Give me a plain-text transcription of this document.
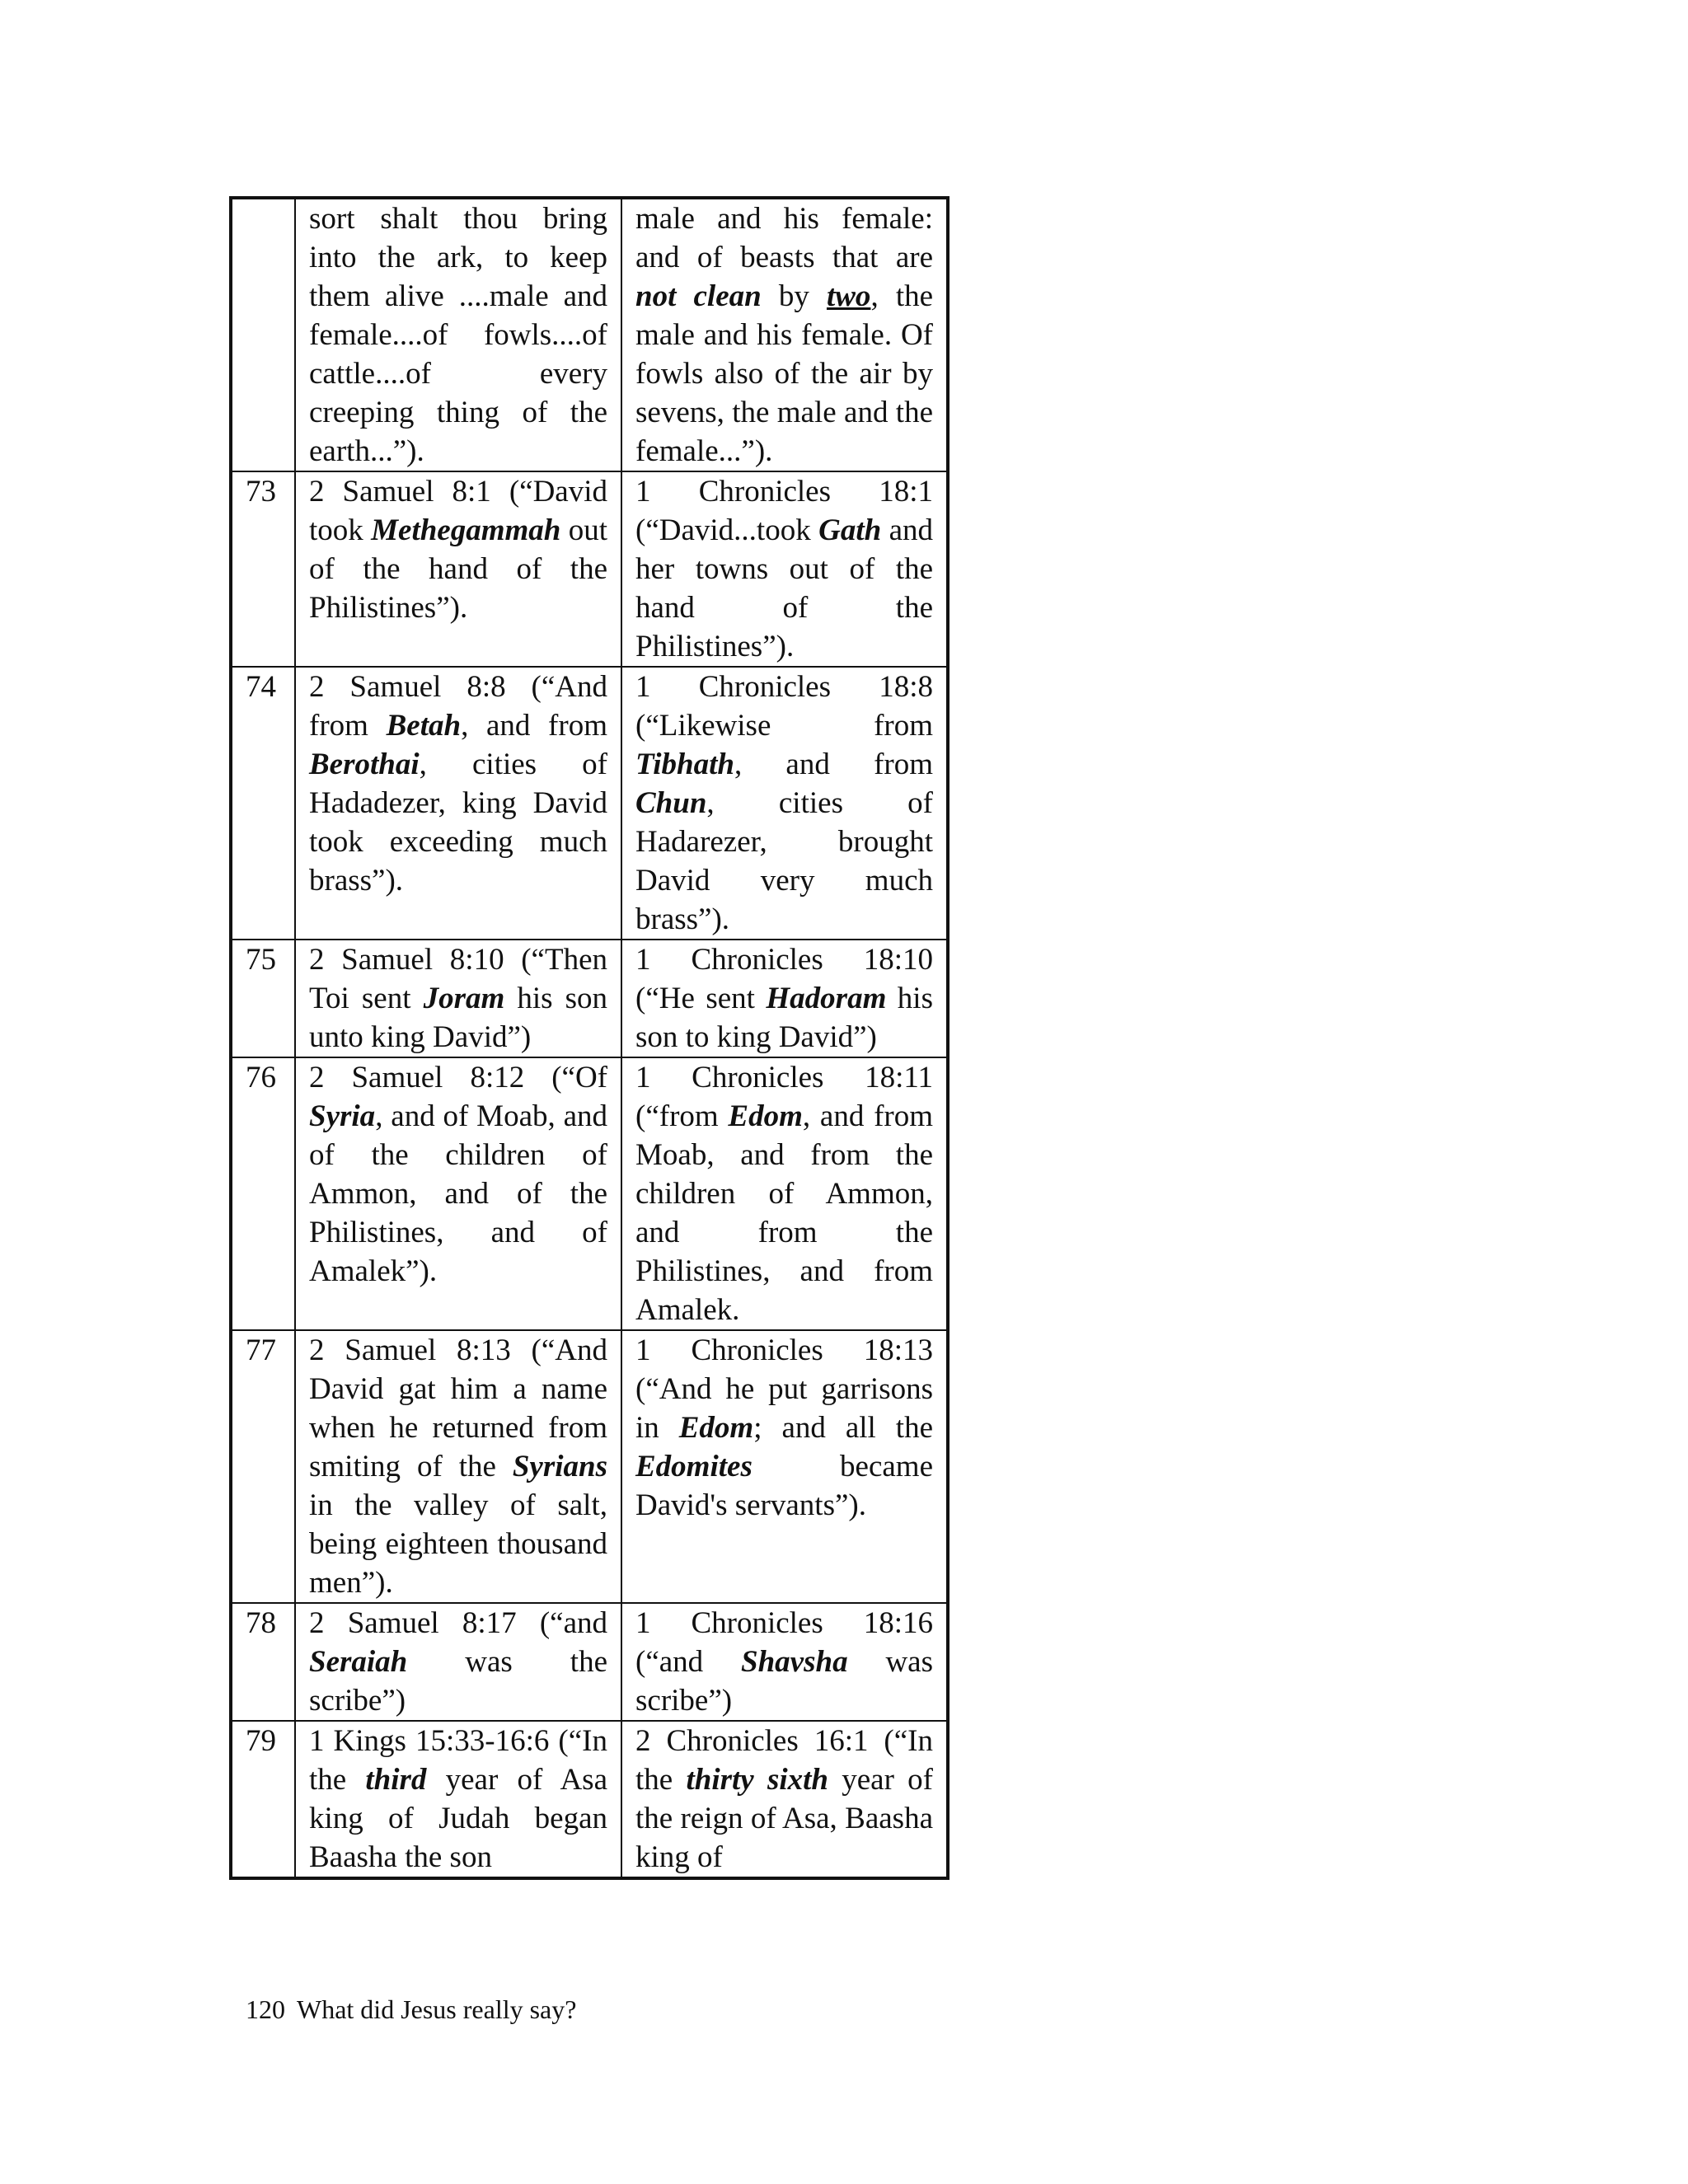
	sort shalt thou bring into the ark, to keep them alive ....male and female....of fowls....of cattle....of every creeping thing of the earth...”).	male and his female: and of beasts that are not clean by two, the male and his female. Of fowls also of the air by sevens, the male and the female...”).

73	2 Samuel 8:1 (“David took Methegammah out of the hand of the Philistines”).	1 Chronicles 18:1 (“David...took Gath and her towns out of the hand of the Philistines”).

74	2 Samuel 8:8 (“And from Betah, and from Berothai, cities of Hadadezer, king David took exceeding much brass”).	1 Chronicles 18:8 (“Likewise from Tibhath, and from Chun, cities of Hadarezer, brought David very much brass”).

75	2 Samuel 8:10 (“Then Toi sent Joram his son unto king David”)	1 Chronicles 18:10 (“He sent Hadoram his son to king David”)

76	2 Samuel 8:12 (“Of Syria, and of Moab, and of the children of Ammon, and of the Philistines, and of Amalek”).	1 Chronicles 18:11 (“from Edom, and from Moab, and from the children of Ammon, and from the Philistines, and from Amalek.

77	2 Samuel 8:13 (“And David gat him a name when he returned from smiting of the Syrians in the valley of salt, being eighteen thousand men”).	1 Chronicles 18:13 (“And he put garrisons in Edom; and all the Edomites became David's servants”).

78	2 Samuel 8:17 (“and Seraiah was the scribe”)	1 Chronicles 18:16 (“and Shavsha was scribe”)

79	1 Kings 15:33-16:6 (“In the third year of Asa king of Judah began Baasha the son	2 Chronicles 16:1 (“In the thirty sixth year of the reign of Asa, Baasha king of
120 What did Jesus really say?
